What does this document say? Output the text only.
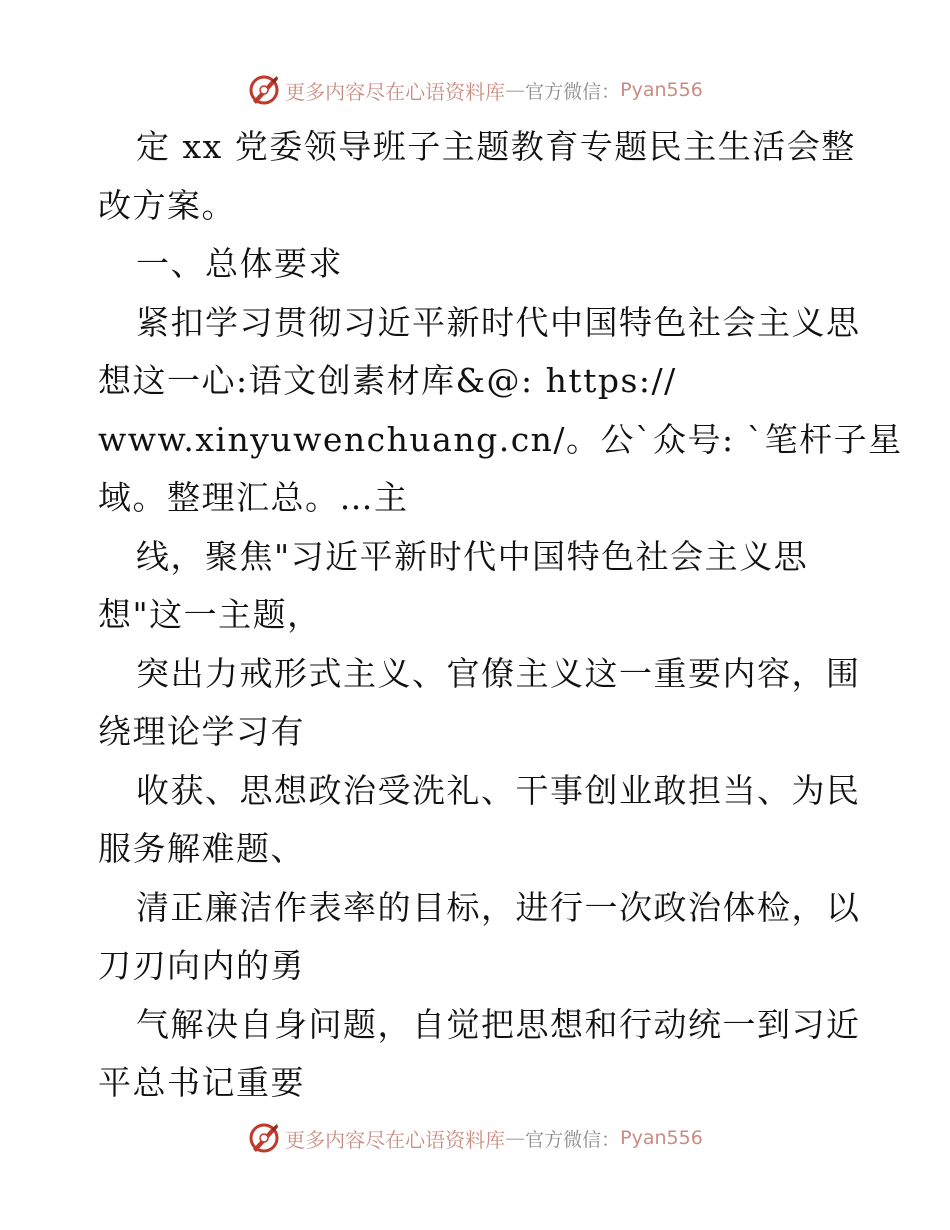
更多内容尽在心语资料库 — 官方微信： Pyan556
定 xx 党委领导班子主题教育专题民主生活会整
改方案。
一、总体要求
紧扣学习贯彻习近平新时代中国特色社会主义思
想这一心:语文创素材库&@: https://
www.xinyuwenchuang.cn/。公`众号: `笔杆子星
域。整理汇总。…主
线，聚焦"习近平新时代中国特色社会主义思
想"这一主题，
突出力戒形式主义、官僚主义这一重要内容，围
绕理论学习有
收获、思想政治受洗礼、干事创业敢担当、为民
服务解难题、
清正廉洁作表率的目标，进行一次政治体检，以
刀刃向内的勇
气解决自身问题，自觉把思想和行动统一到习近
平总书记重要
更多内容尽在心语资料库 — 官方微信： Pyan556
